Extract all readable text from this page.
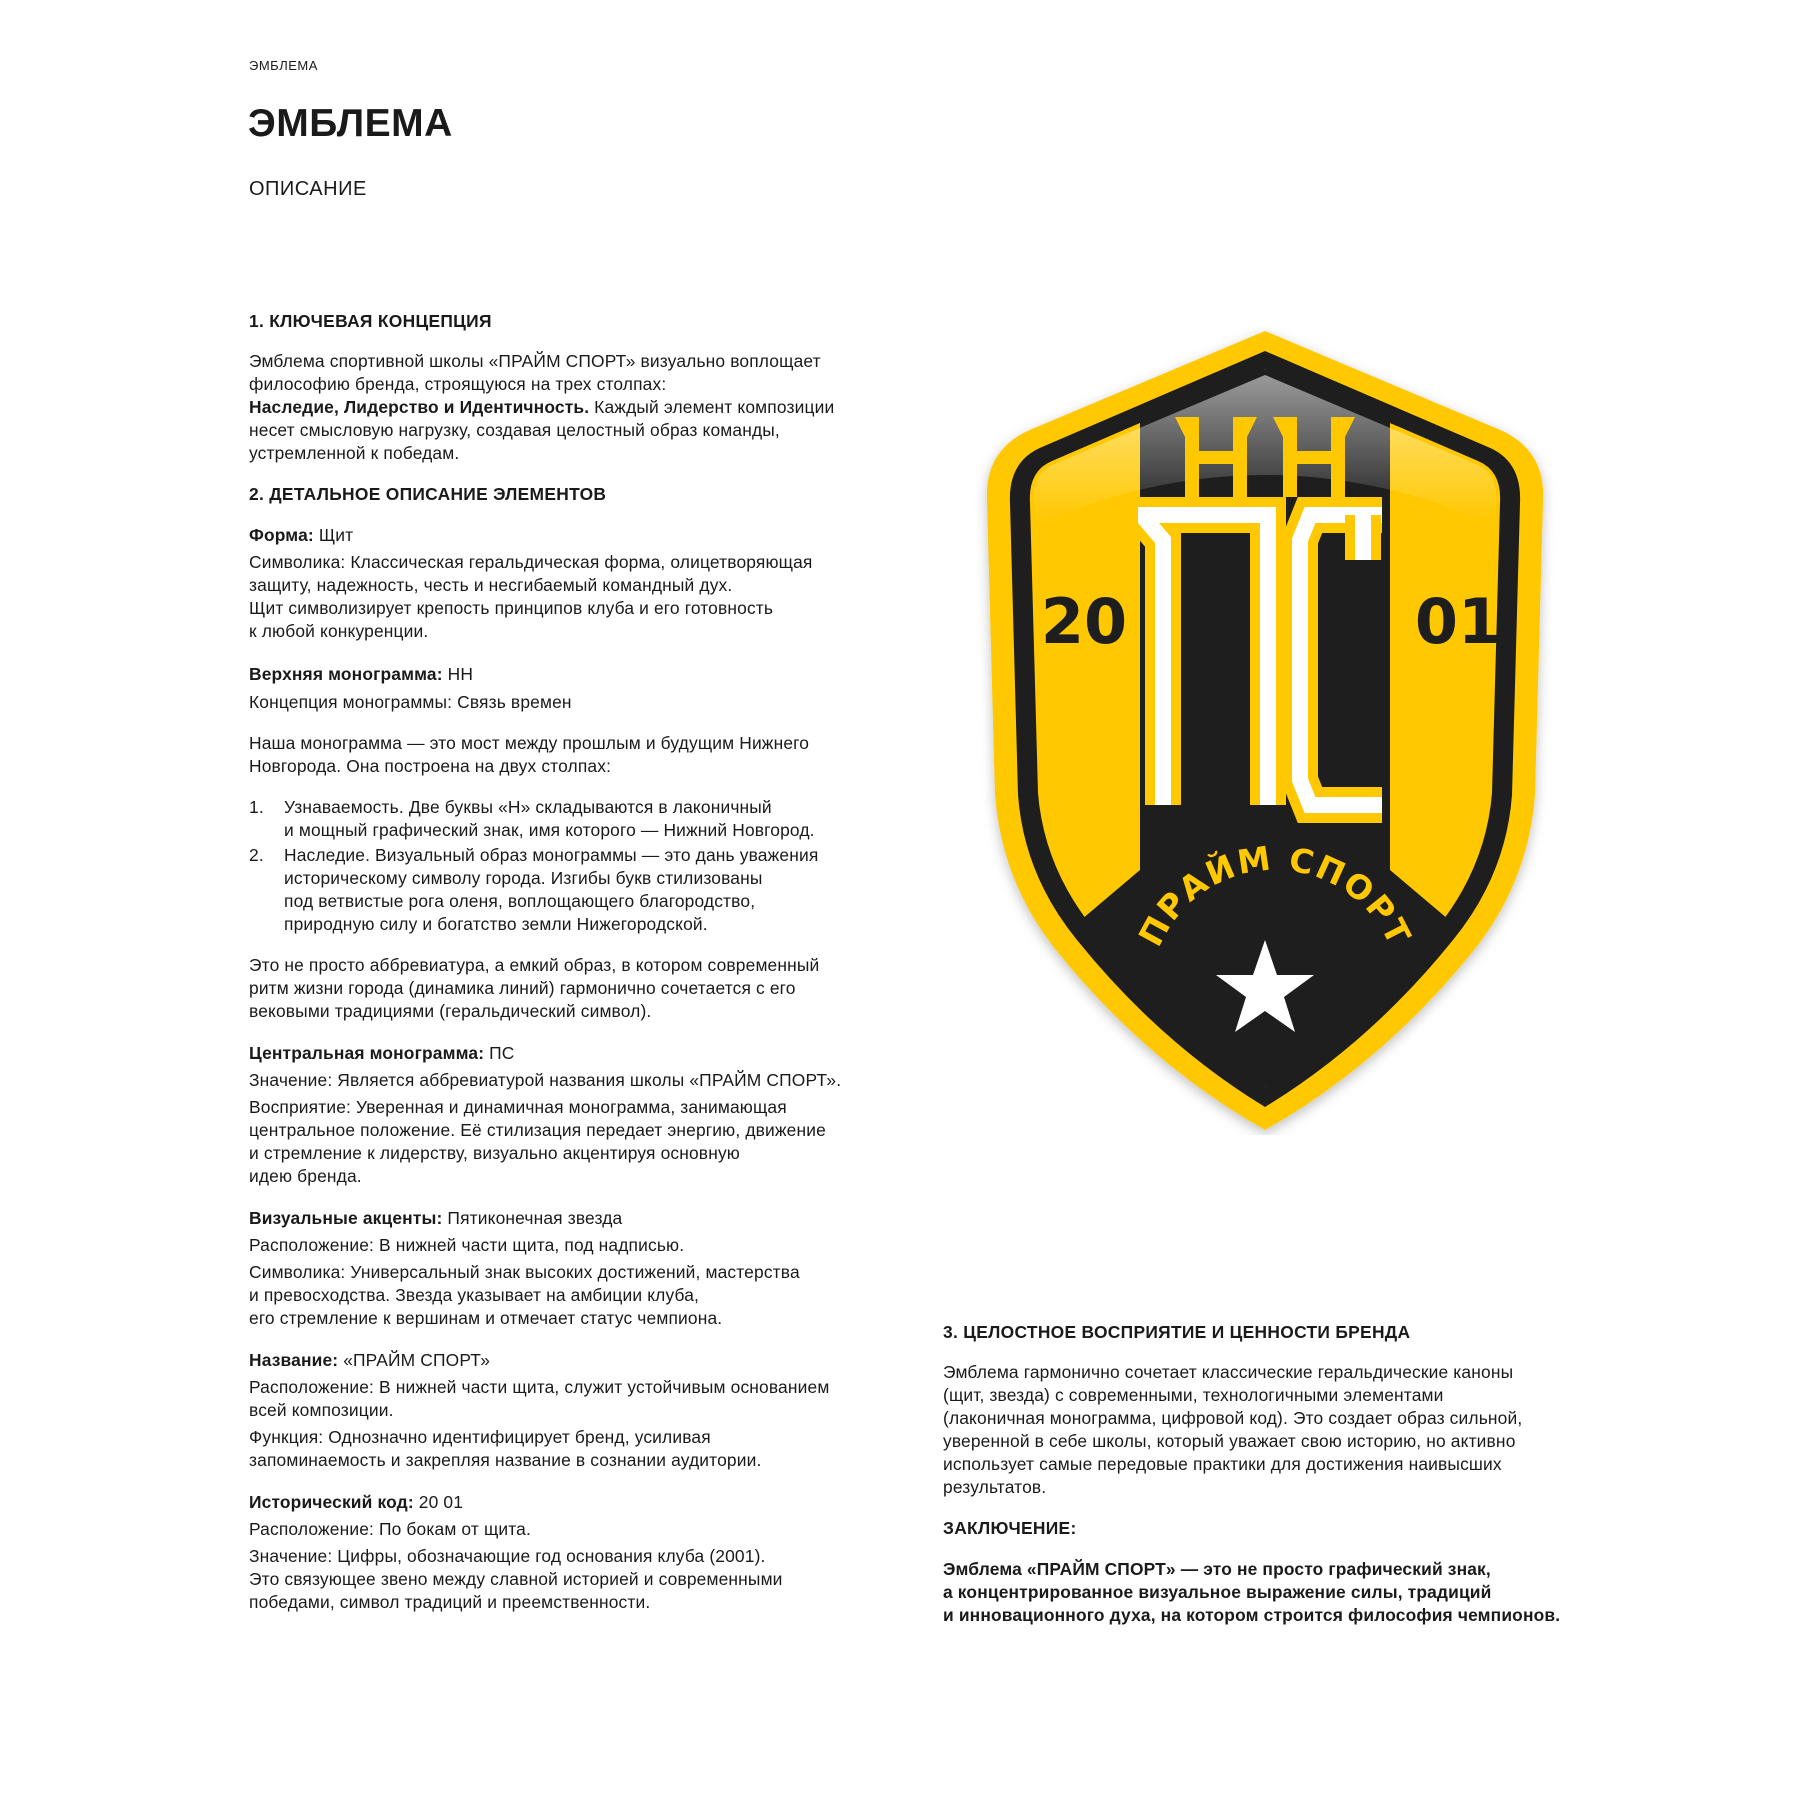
ЭМБЛЕМА
ЭМБЛЕМА
ОПИСАНИЕ

1. КЛЮЧЕВАЯ КОНЦЕПЦИЯ

Эмблема спортивной школы «ПРАЙМ СПОРТ» визуально воплощает

философию бренда, строящуюся на трех столпах:

Наследие, Лидерство и Идентичность. Каждый элемент композиции

несет смысловую нагрузку, создавая целостный образ команды,

устремленной к победам.

2. ДЕТАЛЬНОЕ ОПИСАНИЕ ЭЛЕМЕНТОВ

Форма: Щит

Символика: Классическая геральдическая форма, олицетворяющая

защиту, надежность, честь и несгибаемый командный дух.

Щит символизирует крепость принципов клуба и его готовность

к любой конкуренции.

Верхняя монограмма: НН

Концепция монограммы: Связь времен

Наша монограмма — это мост между прошлым и будущим Нижнего

Новгорода. Она построена на двух столпах:

1. Узнаваемость. Две буквы «Н» складываются в лаконичный
и мощный графический знак, имя которого — Нижний Новгород.
2. Наследие. Визуальный образ монограммы — это дань уважения
историческому символу города. Изгибы букв стилизованы
под ветвистые рога оленя, воплощающего благородство,
природную силу и богатство земли Нижегородской.

Это не просто аббревиатура, а емкий образ, в котором современный

ритм жизни города (динамика линий) гармонично сочетается с его

вековыми традициями (геральдический символ).

Центральная монограмма: ПС

Значение: Является аббревиатурой названия школы «ПРАЙМ СПОРТ».

Восприятие: Уверенная и динамичная монограмма, занимающая

центральное положение. Её стилизация передает энергию, движение

и стремление к лидерству, визуально акцентируя основную

идею бренда.

Визуальные акценты: Пятиконечная звезда

Расположение: В нижней части щита, под надписью.

Символика: Универсальный знак высоких достижений, мастерства

и превосходства. Звезда указывает на амбиции клуба,

его стремление к вершинам и отмечает статус чемпиона.

Название: «ПРАЙМ СПОРТ»

Расположение: В нижней части щита, служит устойчивым основанием

всей композиции.

Функция: Однозначно идентифицирует бренд, усиливая

запоминаемость и закрепляя название в сознании аудитории.

Исторический код: 20 01

Расположение: По бокам от щита.

Значение: Цифры, обозначающие год основания клуба (2001).

Это связующее звено между славной историей и современными

победами, символ традиций и преемственности.

20	01
ПРАЙМ СПОРТ

3. ЦЕЛОСТНОЕ ВОСПРИЯТИЕ И ЦЕННОСТИ БРЕНДА

Эмблема гармонично сочетает классические геральдические каноны

(щит, звезда) с современными, технологичными элементами

(лаконичная монограмма, цифровой код). Это создает образ сильной,

уверенной в себе школы, который уважает свою историю, но активно

использует самые передовые практики для достижения наивысших

результатов.

ЗАКЛЮЧЕНИЕ:

Эмблема «ПРАЙМ СПОРТ» — это не просто графический знак,

а концентрированное визуальное выражение силы, традиций

и инновационного духа, на котором строится философия чемпионов.
